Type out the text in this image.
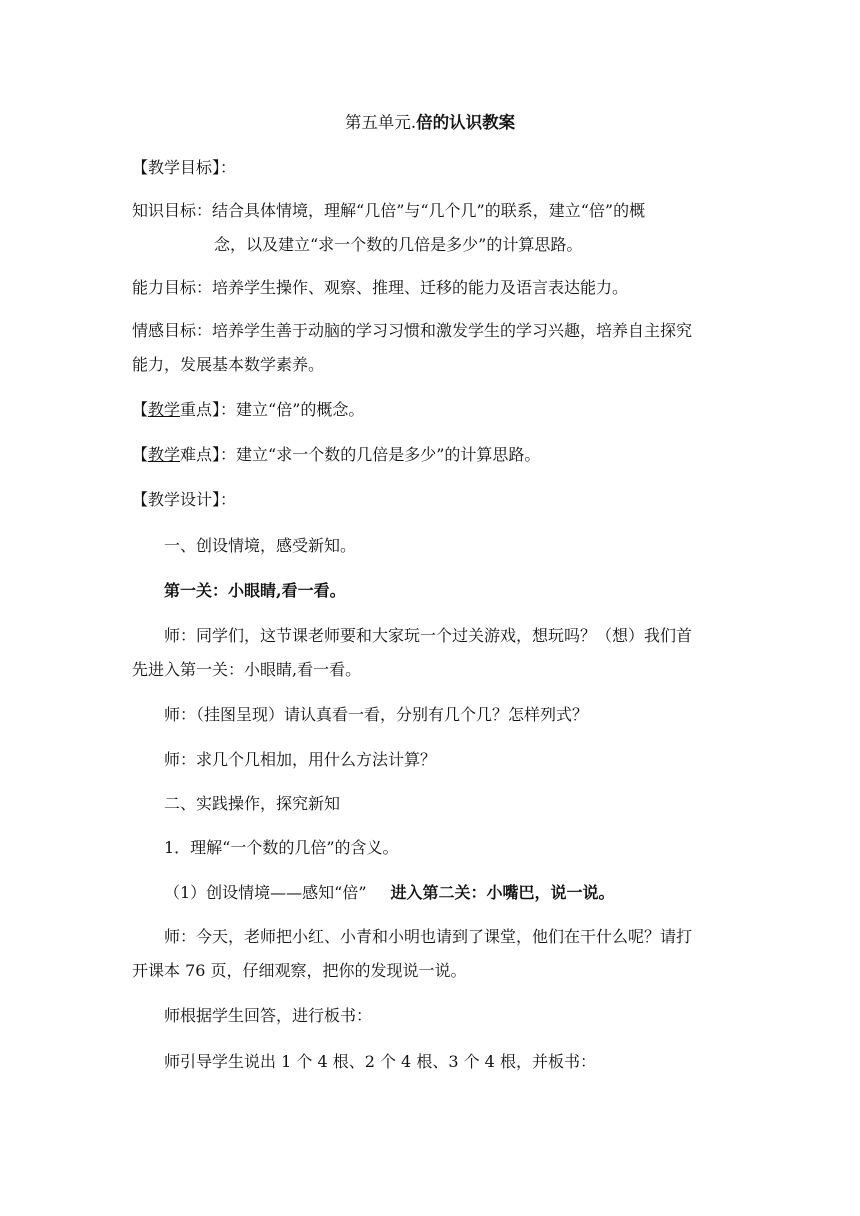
第五单元.倍的认识教案
【教学目标】：
知识目标：结合具体情境，理解“几倍”与“几个几”的联系，建立“倍”的概
念，以及建立“求一个数的几倍是多少”的计算思路。
能力目标：培养学生操作、观察、推理、迁移的能力及语言表达能力。
情感目标：培养学生善于动脑的学习习惯和激发学生的学习兴趣，培养自主探究
能力，发展基本数学素养。
【教学重点】：建立“倍”的概念。
【教学难点】：建立“求一个数的几倍是多少”的计算思路。
【教学设计】：
一、创设情境，感受新知。
第一关：小眼睛,看一看。
师：同学们，这节课老师要和大家玩一个过关游戏，想玩吗？（想）我们首
先进入第一关：小眼睛,看一看。
师：（挂图呈现）请认真看一看，分别有几个几？怎样列式？
师：求几个几相加，用什么方法计算？
二、实践操作，探究新知
1．理解“一个数的几倍”的含义。
（1）创设情境——感知“倍” 进入第二关：小嘴巴，说一说。
师：今天，老师把小红、小青和小明也请到了课堂，他们在干什么呢？请打
开课本 76 页，仔细观察，把你的发现说一说。
师根据学生回答，进行板书：
师引导学生说出 1 个 4 根、2 个 4 根、3 个 4 根，并板书：
